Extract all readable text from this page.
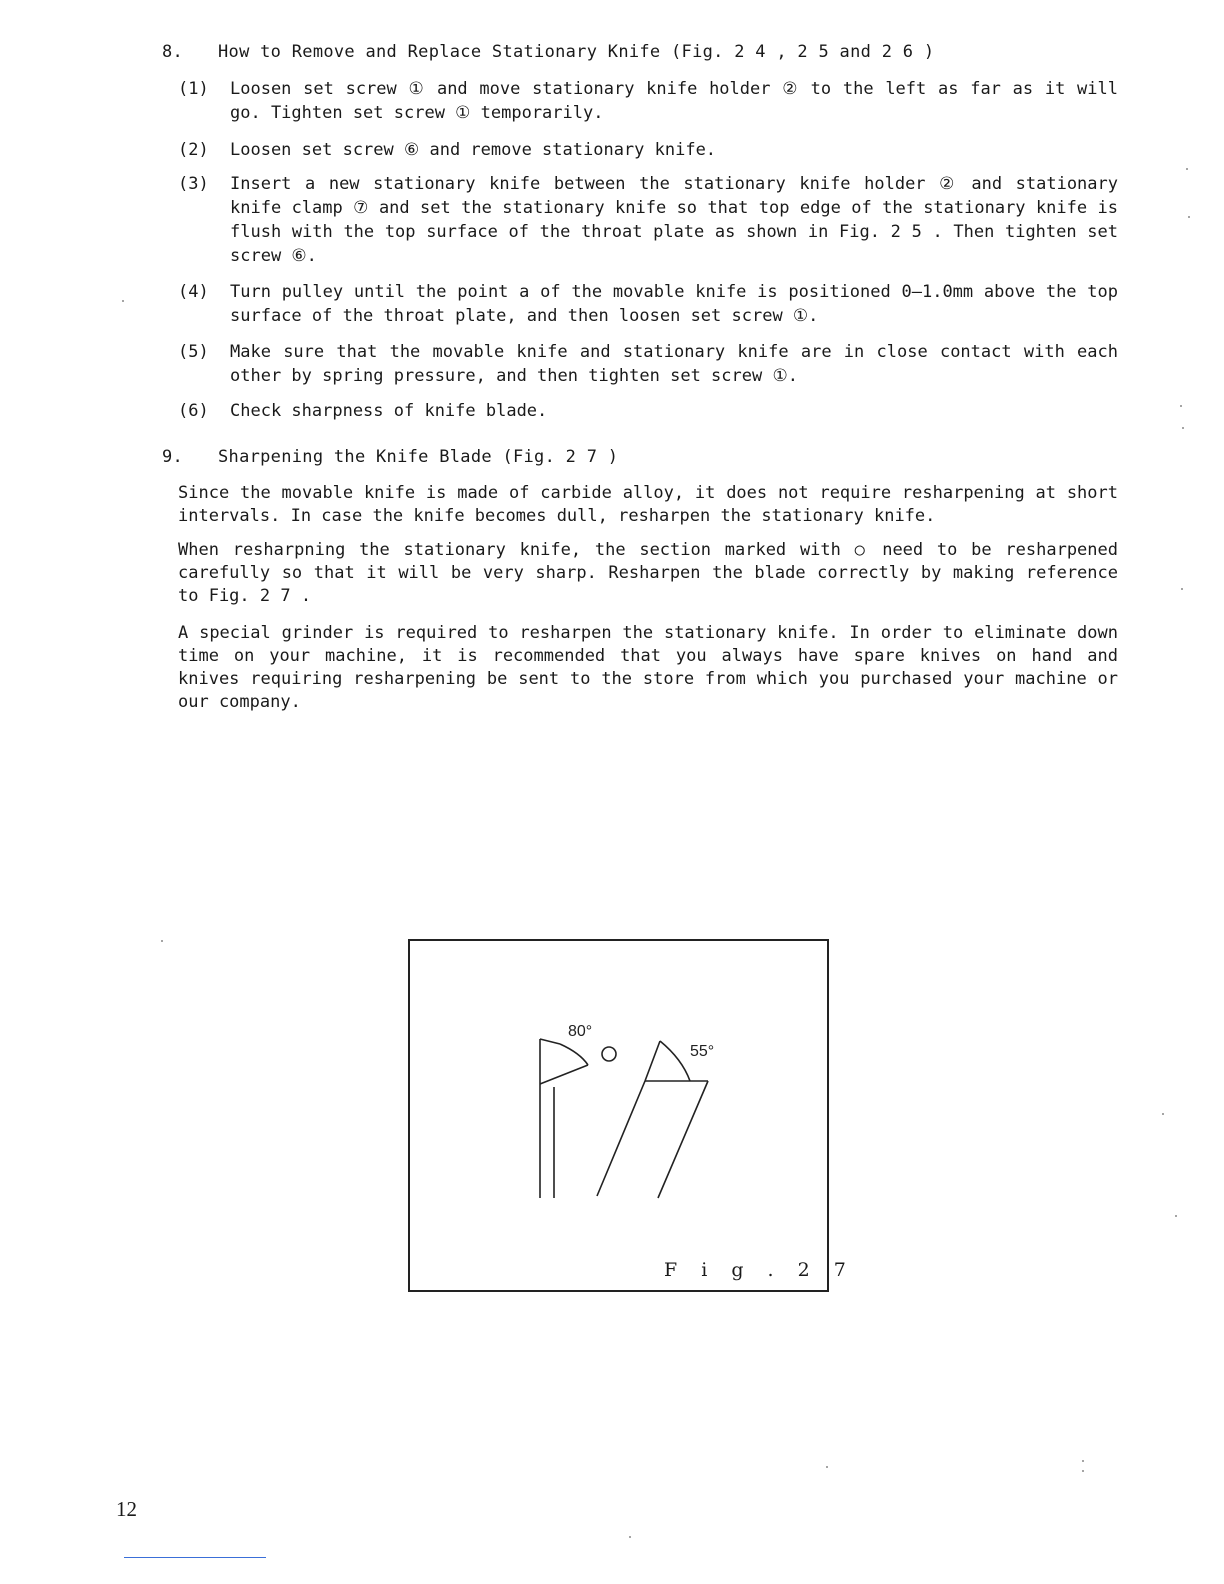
8. How to Remove and Replace Stationary Knife (Fig. 2 4 , 2 5 and 2 6 )
(1)	Loosen set screw ① and move stationary knife holder ② to the left as far as it will go. Tighten set screw ① temporarily.
(2)	Loosen set screw ⑥ and remove stationary knife.
(3)	Insert a new stationary knife between the stationary knife holder ② and stationary knife clamp ⑦ and set the stationary knife so that top edge of the stationary knife is flush with the top surface of the throat plate as shown in Fig. 2 5 . Then tighten set screw ⑥.
(4)	Turn pulley until the point a of the movable knife is positioned 0—1.0mm above the top surface of the throat plate, and then loosen set screw ①.
(5)	Make sure that the movable knife and stationary knife are in close contact with each other by spring pressure, and then tighten set screw ①.
(6)	Check sharpness of knife blade.
9. Sharpening the Knife Blade (Fig. 2 7 )
Since the movable knife is made of carbide alloy, it does not require resharpening at short intervals. In case the knife becomes dull, resharpen the stationary knife.
When resharpning the stationary knife, the section marked with ○ need to be resharpened carefully so that it will be very sharp. Resharpen the blade correctly by making reference to Fig. 2 7 .
A special grinder is required to resharpen the stationary knife. In order to eliminate down time on your machine, it is recommended that you always have spare knives on hand and knives requiring resharpening be sent to the store from which you purchased your machine or our company.
80°
55°
F i g . 2 7
12
